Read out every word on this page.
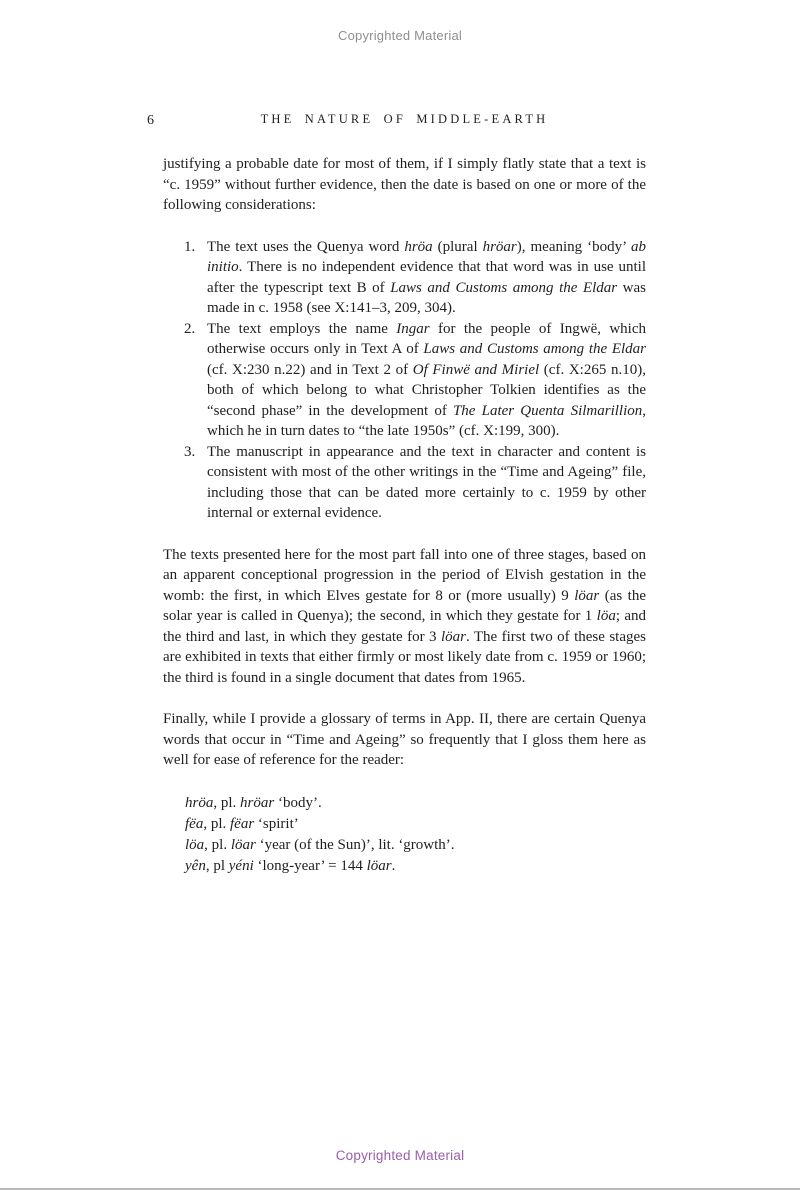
Copyrighted Material
6	THE NATURE OF MIDDLE-EARTH

justifying a probable date for most of them, if I simply flatly state that a text is “c. 1959” without further evidence, then the date is based on one or more of the following considerations:

1. The text uses the Quenya word hröa (plural hröar), meaning ‘body’ ab initio. There is no independent evidence that that word was in use until after the typescript text B of Laws and Customs among the Eldar was made in c. 1958 (see X:141–3, 209, 304).
2. The text employs the name Ingar for the people of Ingwë, which otherwise occurs only in Text A of Laws and Customs among the Eldar (cf. X:230 n.22) and in Text 2 of Of Finwë and Miriel (cf. X:265 n.10), both of which belong to what Christopher Tolkien identifies as the “second phase” in the development of The Later Quenta Silmarillion, which he in turn dates to “the late 1950s” (cf. X:199, 300).
3. The manuscript in appearance and the text in character and content is consistent with most of the other writings in the “Time and Ageing” file, including those that can be dated more certainly to c. 1959 by other internal or external evidence.

The texts presented here for the most part fall into one of three stages, based on an apparent conceptional progression in the period of Elvish gestation in the womb: the first, in which Elves gestate for 8 or (more usually) 9 löar (as the solar year is called in Quenya); the second, in which they gestate for 1 löa; and the third and last, in which they gestate for 3 löar. The first two of these stages are exhibited in texts that either firmly or most likely date from c. 1959 or 1960; the third is found in a single document that dates from 1965.

Finally, while I provide a glossary of terms in App. II, there are certain Quenya words that occur in “Time and Ageing” so frequently that I gloss them here as well for ease of reference for the reader:

hröa, pl. hröar ‘body’.
fëa, pl. fëar ‘spirit’
löa, pl. löar ‘year (of the Sun)’, lit. ‘growth’.
yên, pl yéni ‘long-year’ = 144 löar.
Copyrighted Material
